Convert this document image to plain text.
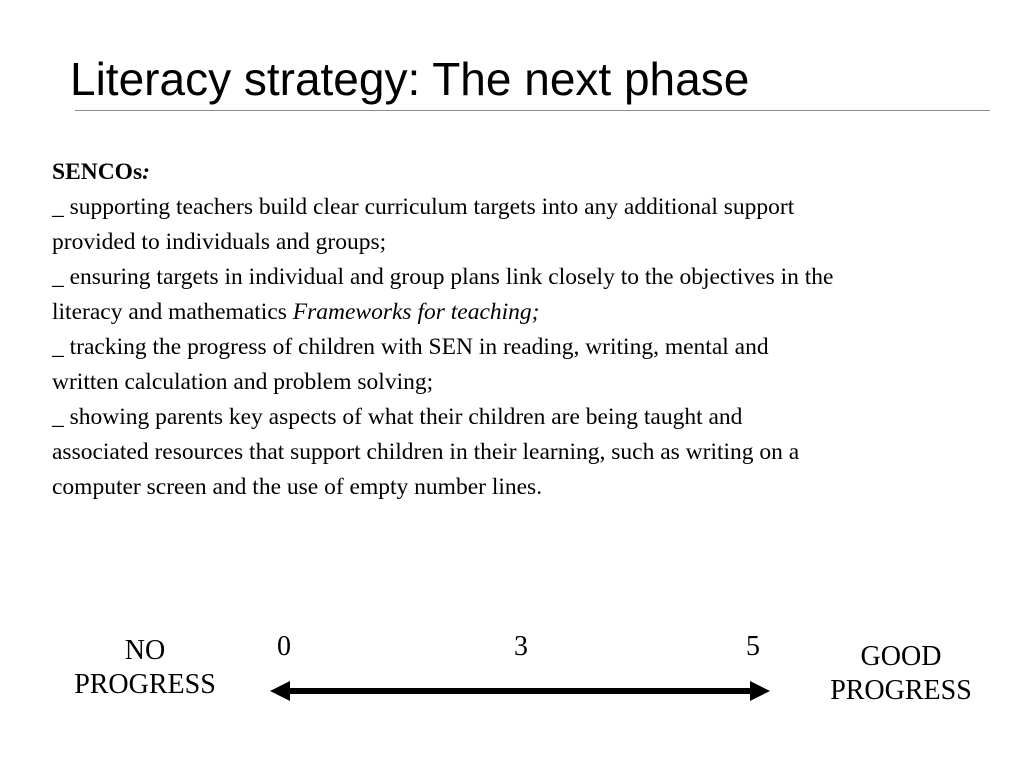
Literacy strategy: The next phase
SENCOs:
_ supporting teachers build clear curriculum targets into any additional support
provided to individuals and groups;
_ ensuring targets in individual and group plans link closely to the objectives in the
literacy and mathematics Frameworks for teaching;
_ tracking the progress of children with SEN in reading, writing, mental and
written calculation and problem solving;
_ showing parents key aspects of what their children are being taught and
associated resources that support children in their learning, such as writing on a
computer screen and the use of empty number lines.
NO
PROGRESS
0	3	5	GOOD
PROGRESS
